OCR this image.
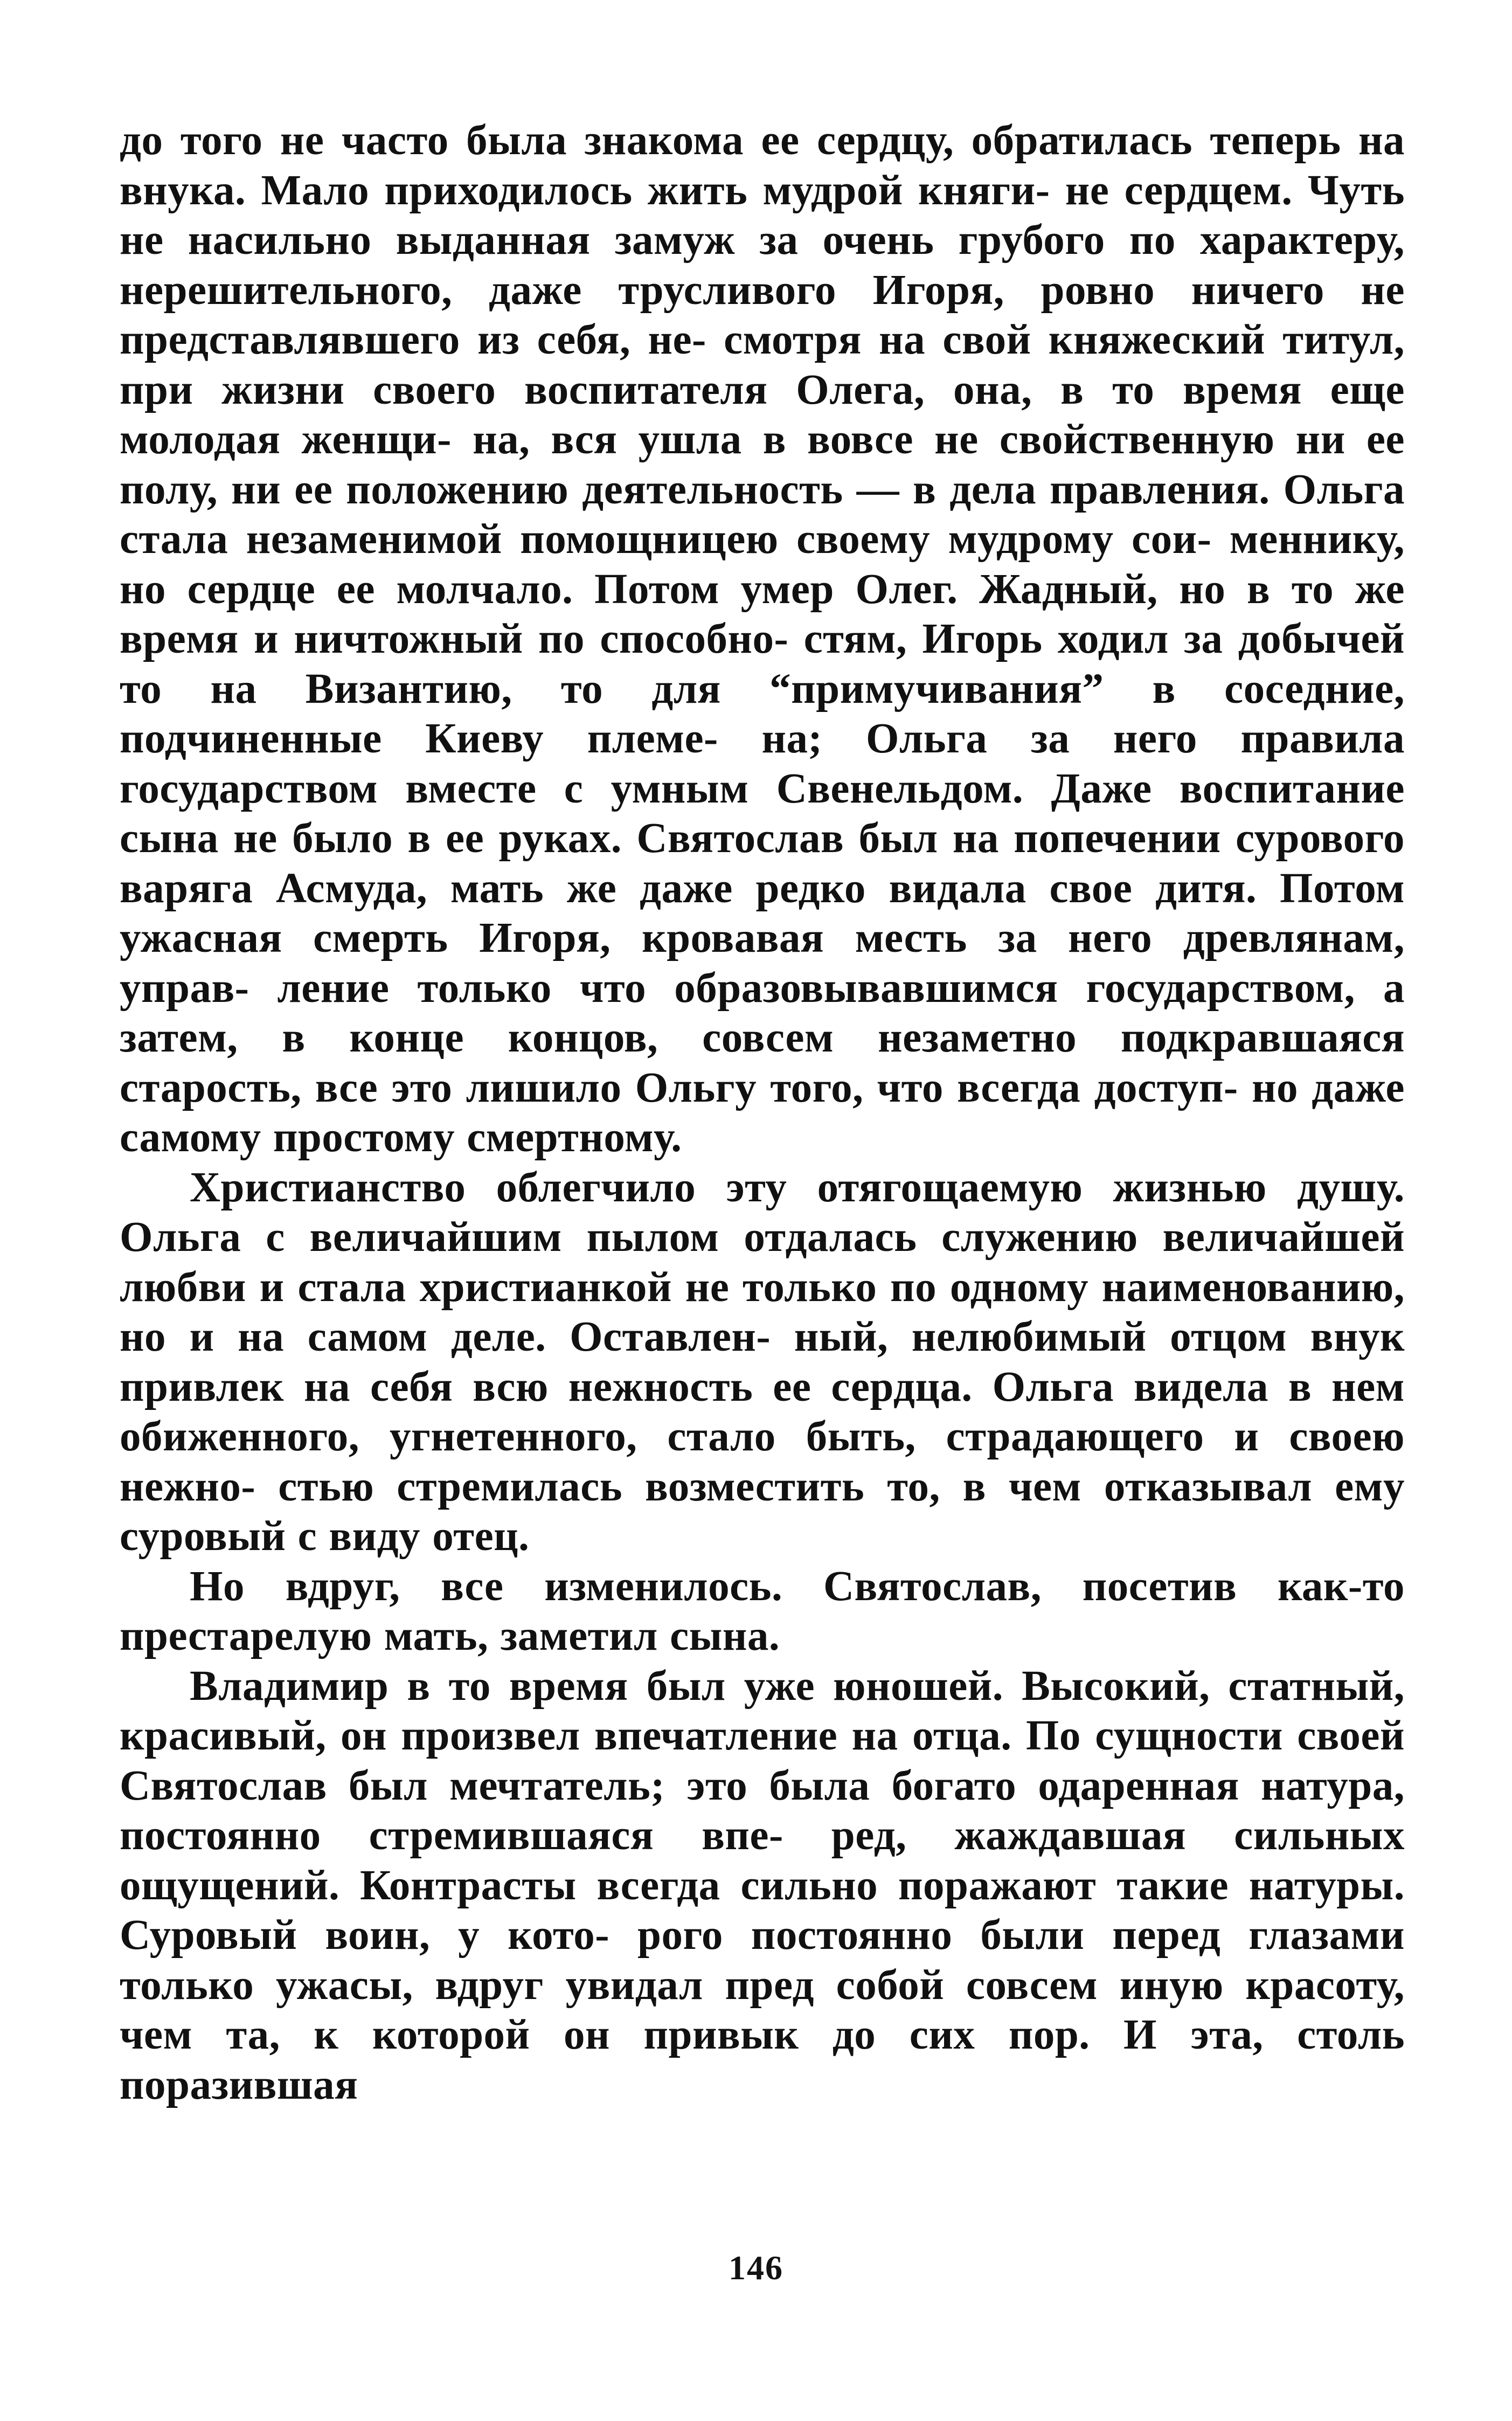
до того не часто была знакома ее сердцу, обратилась теперь на внука. Мало приходилось жить мудрой княги- не сердцем. Чуть не насильно выданная замуж за очень грубого по характеру, нерешительного, даже трусливого Игоря, ровно ничего не представлявшего из себя, не- смотря на свой княжеский титул, при жизни своего воспитателя Олега, она, в то время еще молодая женщи- на, вся ушла в вовсе не свойственную ни ее полу, ни ее положению деятельность — в дела правления. Ольга стала незаменимой помощницею своему мудрому сои- меннику, но сердце ее молчало. Потом умер Олег. Жадный, но в то же время и ничтожный по способно- стям, Игорь ходил за добычей то на Византию, то для “примучивания” в соседние, подчиненные Киеву племе- на; Ольга за него правила государством вместе с умным Свенельдом. Даже воспитание сына не было в ее руках. Святослав был на попечении сурового варяга Асмуда, мать же даже редко видала свое дитя. Потом ужасная смерть Игоря, кровавая месть за него древлянам, управ- ление только что образовывавшимся государством, а затем, в конце концов, совсем незаметно подкравшаяся старость, все это лишило Ольгу того, что всегда доступ- но даже самому простому смертному.

Христианство облегчило эту отягощаемую жизнью душу. Ольга с величайшим пылом отдалась служению величайшей любви и стала христианкой не только по одному наименованию, но и на самом деле. Оставлен- ный, нелюбимый отцом внук привлек на себя всю нежность ее сердца. Ольга видела в нем обиженного, угнетенного, стало быть, страдающего и своею нежно- стью стремилась возместить то, в чем отказывал ему суровый с виду отец.

Но вдруг, все изменилось. Святослав, посетив как-то престарелую мать, заметил сына.

Владимир в то время был уже юношей. Высокий, статный, красивый, он произвел впечатление на отца. По сущности своей Святослав был мечтатель; это была богато одаренная натура, постоянно стремившаяся впе- ред, жаждавшая сильных ощущений. Контрасты всегда сильно поражают такие натуры. Суровый воин, у кото- рого постоянно были перед глазами только ужасы, вдруг увидал пред собой совсем иную красоту, чем та, к которой он привык до сих пор. И эта, столь поразившая

146
